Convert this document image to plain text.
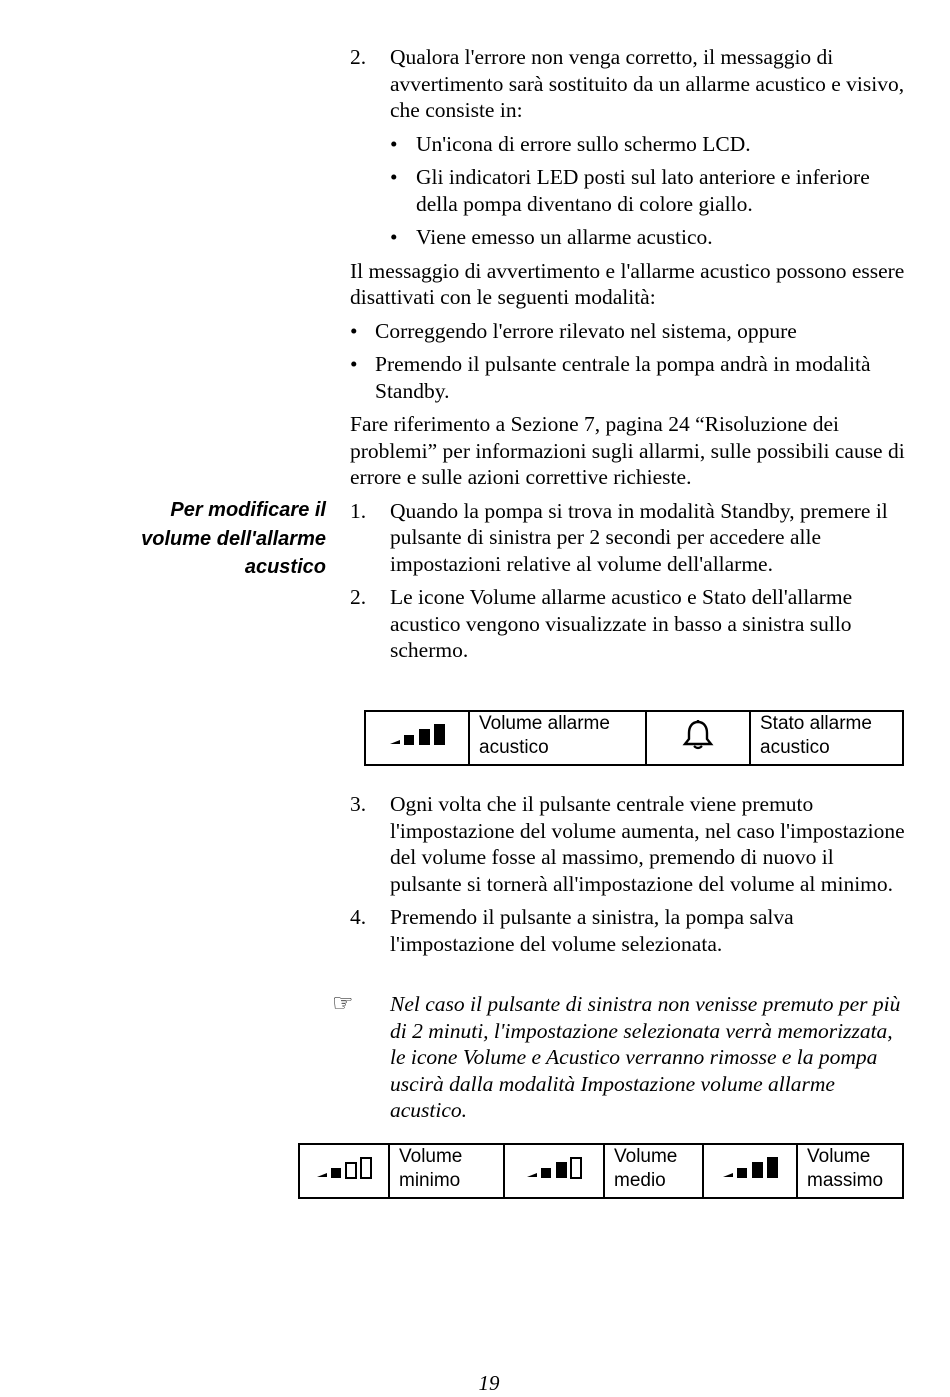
Per modificare il
volume dell'allarme
acustico
2. Qualora l'errore non venga corretto, il messaggio di avvertimento sarà sostituito da un allarme acustico e visivo, che consiste in:

• Un'icona di errore sullo schermo LCD.
• Gli indicatori LED posti sul lato anteriore e inferiore della pompa diventano di colore giallo.
• Viene emesso un allarme acustico.

Il messaggio di avvertimento e l'allarme acustico possono essere disattivati con le seguenti modalità:

• Correggendo l'errore rilevato nel sistema, oppure
• Premendo il pulsante centrale la pompa andrà in modalità Standby.

Fare riferimento a Sezione 7, pagina 24 “Risoluzione dei problemi” per informazioni sugli allarmi, sulle possibili cause di errore e sulle azioni correttive richieste.

1. Quando la pompa si trova in modalità Standby, premere il pulsante di sinistra per 2 secondi per accedere alle impostazioni relative al volume dell'allarme.

2. Le icone Volume allarme acustico e Stato dell'allarme acustico vengono visualizzate in basso a sinistra sullo schermo.

	Volume allarme acustico		Stato allarme acustico
3. Ogni volta che il pulsante centrale viene premuto l'impostazione del volume aumenta, nel caso l'impostazione del volume fosse al massimo, premendo di nuovo il pulsante si tornerà all'impostazione del volume al minimo.

4. Premendo il pulsante a sinistra, la pompa salva l'impostazione del volume selezionata.

☞	Nel caso il pulsante di sinistra non venisse premuto per più di 2 minuti, l'impostazione selezionata verrà memorizzata, le icone Volume e Acustico verranno rimosse e la pompa uscirà dalla modalità Impostazione volume allarme acustico.

	Volume minimo		Volume medio		Volume massimo
19
